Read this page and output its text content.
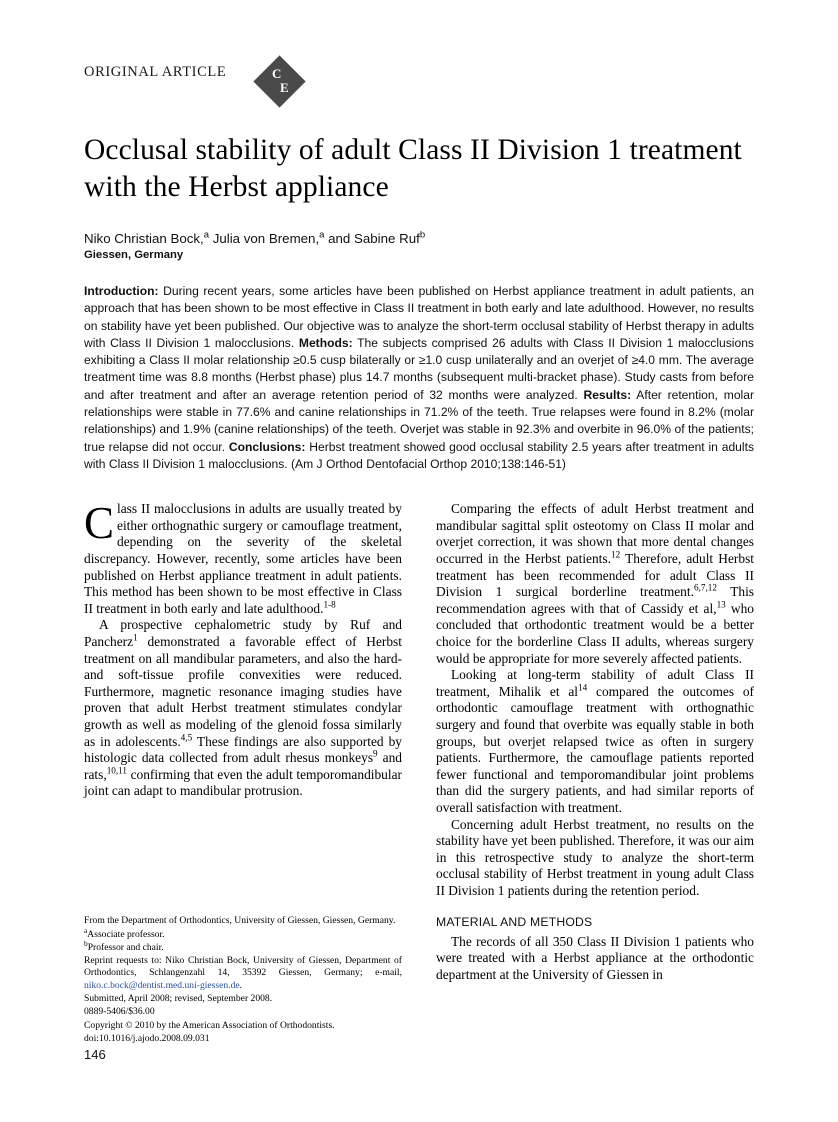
ORIGINAL ARTICLE	C
E
Occlusal stability of adult Class II Division 1 treatment with the Herbst appliance
Niko Christian Bock,$^a$ Julia von Bremen,$^a$ and Sabine Ruf$^b$
Giessen, Germany
Introduction: During recent years, some articles have been published on Herbst appliance treatment in adult patients, an approach that has been shown to be most effective in Class II treatment in both early and late adulthood. However, no results on stability have yet been published. Our objective was to analyze the short-term occlusal stability of Herbst therapy in adults with Class II Division 1 malocclusions. Methods: The subjects comprised 26 adults with Class II Division 1 malocclusions exhibiting a Class II molar relationship ≥0.5 cusp bilaterally or ≥1.0 cusp unilaterally and an overjet of ≥4.0 mm. The average treatment time was 8.8 months (Herbst phase) plus 14.7 months (subsequent multi-bracket phase). Study casts from before and after treatment and after an average retention period of 32 months were analyzed. Results: After retention, molar relationships were stable in 77.6% and canine relationships in 71.2% of the teeth. True relapses were found in 8.2% (molar relationships) and 1.9% (canine relationships) of the teeth. Overjet was stable in 92.3% and overbite in 96.0% of the patients; true relapse did not occur. Conclusions: Herbst treatment showed good occlusal stability 2.5 years after treatment in adults with Class II Division 1 malocclusions. (Am J Orthod Dentofacial Orthop 2010;138:146-51)

Class II malocclusions in adults are usually treated by either orthognathic surgery or camouflage treatment, depending on the severity of the skeletal discrepancy. However, recently, some articles have been published on Herbst appliance treatment in adult patients. This method has been shown to be most effective in Class II treatment in both early and late adulthood.$^{1-8}$

A prospective cephalometric study by Ruf and Pancherz$^1$ demonstrated a favorable effect of Herbst treatment on all mandibular parameters, and also the hard- and soft-tissue profile convexities were reduced. Furthermore, magnetic resonance imaging studies have proven that adult Herbst treatment stimulates condylar growth as well as modeling of the glenoid fossa similarly as in adolescents.$^{4,5}$ These findings are also supported by histologic data collected from adult rhesus monkeys$^9$ and rats,$^{10,11}$ confirming that even the adult temporomandibular joint can adapt to mandibular protrusion.

From the Department of Orthodontics, University of Giessen, Giessen, Germany.

$^a$Associate professor.

$^b$Professor and chair.

Reprint requests to: Niko Christian Bock, University of Giessen, Department of Orthodontics, Schlangenzahl 14, 35392 Giessen, Germany; e-mail, niko.c.bock@dentist.med.uni-giessen.de.

Submitted, April 2008; revised, September 2008.

0889-5406/$36.00

Copyright © 2010 by the American Association of Orthodontists.

doi:10.1016/j.ajodo.2008.09.031

Comparing the effects of adult Herbst treatment and mandibular sagittal split osteotomy on Class II molar and overjet correction, it was shown that more dental changes occurred in the Herbst patients.$^{12}$ Therefore, adult Herbst treatment has been recommended for adult Class II Division 1 surgical borderline treatment.$^{6,7,12}$ This recommendation agrees with that of Cassidy et al,$^{13}$ who concluded that orthodontic treatment would be a better choice for the borderline Class II adults, whereas surgery would be appropriate for more severely affected patients.

Looking at long-term stability of adult Class II treatment, Mihalik et $al^{14}$ compared the outcomes of orthodontic camouflage treatment with orthognathic surgery and found that overbite was equally stable in both groups, but overjet relapsed twice as often in surgery patients. Furthermore, the camouflage patients reported fewer functional and temporomandibular joint problems than did the surgery patients, and had similar reports of overall satisfaction with treatment.

Concerning adult Herbst treatment, no results on the stability have yet been published. Therefore, it was our aim in this retrospective study to analyze the short-term occlusal stability of Herbst treatment in young adult Class II Division 1 patients during the retention period.

MATERIAL AND METHODS

The records of all 350 Class II Division 1 patients who were treated with a Herbst appliance at the orthodontic department at the University of Giessen in

146
